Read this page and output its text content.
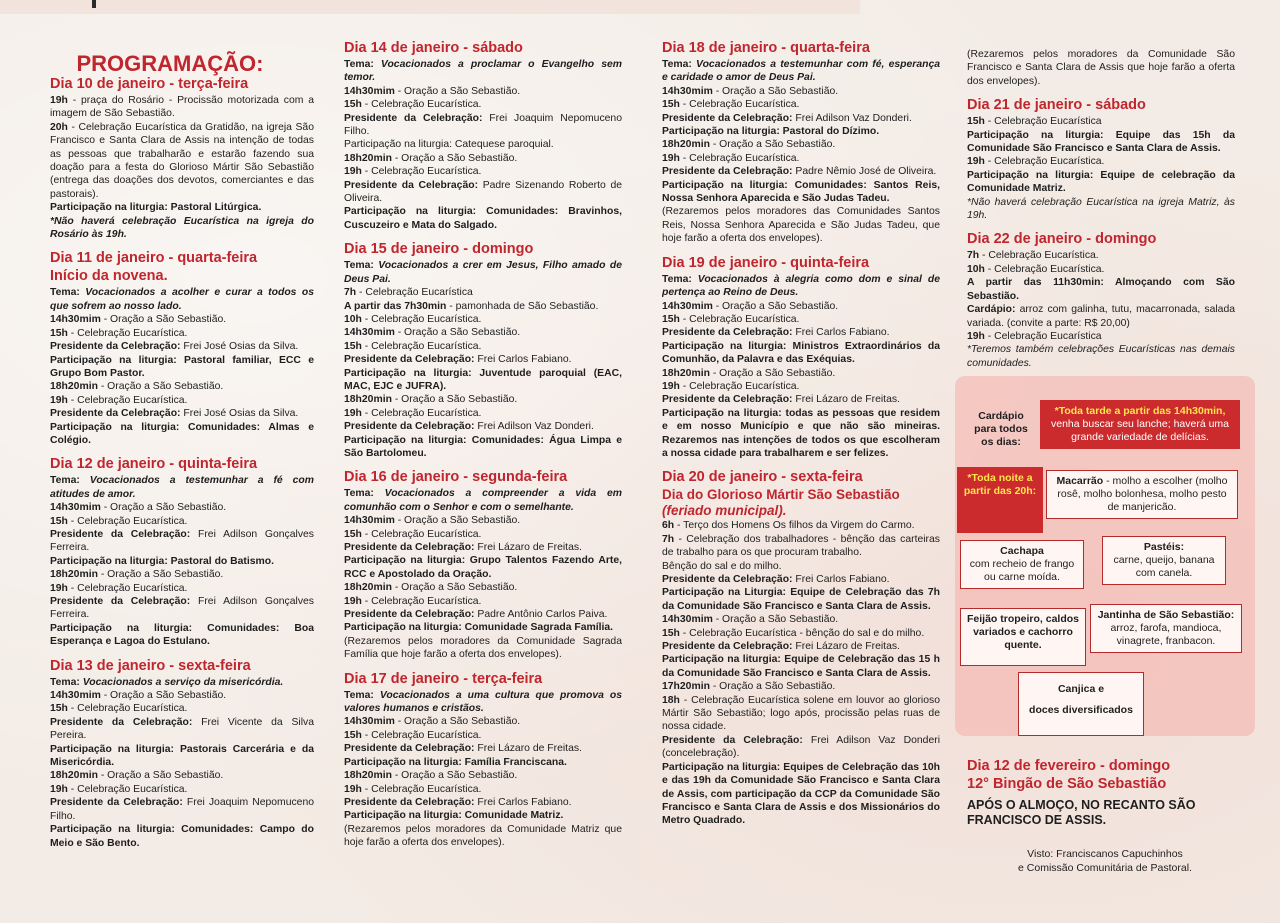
PROGRAMAÇÃO:
Dia 10 de janeiro - terça-feira

19h - praça do Rosário - Procissão motorizada com a imagem de São Sebastião.

20h - Celebração Eucarística da Gratidão, na igreja São Francisco e Santa Clara de Assis na intenção de todas as pessoas que trabalharão e estarão fazendo sua doação para a festa do Glorioso Mártir São Sebastião (entrega das doações dos devotos, comerciantes e das pastorais).

Participação na liturgia: Pastoral Litúrgica.

*Não haverá celebração Eucarística na igreja do Rosário às 19h.

Dia 11 de janeiro - quarta-feira
Início da novena.

Tema: Vocacionados a acolher e curar a todos os que sofrem ao nosso lado.

14h30mim - Oração a São Sebastião.

15h - Celebração Eucarística.

Presidente da Celebração: Frei José Osias da Silva.

Participação na liturgia: Pastoral familiar, ECC e Grupo Bom Pastor.

18h20min - Oração a São Sebastião.

19h - Celebração Eucarística.

Presidente da Celebração: Frei José Osias da Silva.

Participação na liturgia: Comunidades: Almas e Colégio.

Dia 12 de janeiro - quinta-feira

Tema: Vocacionados a testemunhar a fé com atitudes de amor.

14h30mim - Oração a São Sebastião.

15h - Celebração Eucarística.

Presidente da Celebração: Frei Adilson Gonçalves Ferreira.

Participação na liturgia: Pastoral do Batismo.

18h20min - Oração a São Sebastião.

19h - Celebração Eucarística.

Presidente da Celebração: Frei Adilson Gonçalves Ferreira.

Participação na liturgia: Comunidades: Boa Esperança e Lagoa do Estulano.

Dia 13 de janeiro - sexta-feira

Tema: Vocacionados a serviço da misericórdia.

14h30mim - Oração a São Sebastião.

15h - Celebração Eucarística.

Presidente da Celebração: Frei Vicente da Silva Pereira.

Participação na liturgia: Pastorais Carcerária e da Misericórdia.

18h20min - Oração a São Sebastião.

19h - Celebração Eucarística.

Presidente da Celebração: Frei Joaquim Nepomuceno Filho.

Participação na liturgia: Comunidades: Campo do Meio e São Bento.

Dia 14 de janeiro - sábado

Tema: Vocacionados a proclamar o Evangelho sem temor.

14h30mim - Oração a São Sebastião.

15h - Celebração Eucarística.

Presidente da Celebração: Frei Joaquim Nepomuceno Filho.

Participação na liturgia: Catequese paroquial.

18h20min - Oração a São Sebastião.

19h - Celebração Eucarística.

Presidente da Celebração: Padre Sizenando Roberto de Oliveira.

Participação na liturgia: Comunidades: Bravinhos, Cuscuzeiro e Mata do Salgado.

Dia 15 de janeiro - domingo

Tema: Vocacionados a crer em Jesus, Filho amado de Deus Pai.

7h - Celebração Eucarística

A partir das 7h30min - pamonhada de São Sebastião.

10h - Celebração Eucarística.

14h30mim - Oração a São Sebastião.

15h - Celebração Eucarística.

Presidente da Celebração: Frei Carlos Fabiano.

Participação na liturgia: Juventude paroquial (EAC, MAC, EJC e JUFRA).

18h20min - Oração a São Sebastião.

19h - Celebração Eucarística.

Presidente da Celebração: Frei Adilson Vaz Donderi.

Participação na liturgia: Comunidades: Água Limpa e São Bartolomeu.

Dia 16 de janeiro - segunda-feira

Tema: Vocacionados a compreender a vida em comunhão com o Senhor e com o semelhante.

14h30mim - Oração a São Sebastião.

15h - Celebração Eucarística.

Presidente da Celebração: Frei Lázaro de Freitas.

Participação na liturgia: Grupo Talentos Fazendo Arte, RCC e Apostolado da Oração.

18h20min - Oração a São Sebastião.

19h - Celebração Eucarística.

Presidente da Celebração: Padre Antônio Carlos Paiva.

Participação na liturgia: Comunidade Sagrada Família.

(Rezaremos pelos moradores da Comunidade Sagrada Família que hoje farão a oferta dos envelopes).

Dia 17 de janeiro - terça-feira

Tema: Vocacionados a uma cultura que promova os valores humanos e cristãos.

14h30mim - Oração a São Sebastião.

15h - Celebração Eucarística.

Presidente da Celebração: Frei Lázaro de Freitas.

Participação na liturgia: Família Franciscana.

18h20min - Oração a São Sebastião.

19h - Celebração Eucarística.

Presidente da Celebração: Frei Carlos Fabiano.

Participação na liturgia: Comunidade Matriz.

(Rezaremos pelos moradores da Comunidade Matriz que hoje farão a oferta dos envelopes).

Dia 18 de janeiro - quarta-feira

Tema: Vocacionados a testemunhar com fé, esperança e caridade o amor de Deus Pai.

14h30mim - Oração a São Sebastião.

15h - Celebração Eucarística.

Presidente da Celebração: Frei Adilson Vaz Donderi.

Participação na liturgia: Pastoral do Dízimo.

18h20min - Oração a São Sebastião.

19h - Celebração Eucarística.

Presidente da Celebração: Padre Nêmio José de Oliveira.

Participação na liturgia: Comunidades: Santos Reis, Nossa Senhora Aparecida e São Judas Tadeu.

(Rezaremos pelos moradores das Comunidades Santos Reis, Nossa Senhora Aparecida e São Judas Tadeu, que hoje farão a oferta dos envelopes).

Dia 19 de janeiro - quinta-feira

Tema: Vocacionados à alegria como dom e sinal de pertença ao Reino de Deus.

14h30mim - Oração a São Sebastião.

15h - Celebração Eucarística.

Presidente da Celebração: Frei Carlos Fabiano.

Participação na liturgia: Ministros Extraordinários da Comunhão, da Palavra e das Exéquias.

18h20min - Oração a São Sebastião.

19h - Celebração Eucarística.

Presidente da Celebração: Frei Lázaro de Freitas.

Participação na liturgia: todas as pessoas que residem e em nosso Município e que não são mineiras. Rezaremos nas intenções de todos os que escolheram a nossa cidade para trabalharem e ser felizes.

Dia 20 de janeiro - sexta-feira
Dia do Glorioso Mártir São Sebastião
(feriado municipal).

6h - Terço dos Homens Os filhos da Virgem do Carmo.

7h - Celebração dos trabalhadores - bênção das carteiras de trabalho para os que procuram trabalho.

Bênção do sal e do milho.

Presidente da Celebração: Frei Carlos Fabiano.

Participação na Liturgia: Equipe de Celebração das 7h da Comunidade São Francisco e Santa Clara de Assis.

14h30mim - Oração a São Sebastião.

15h - Celebração Eucarística - bênção do sal e do milho.

Presidente da Celebração: Frei Lázaro de Freitas.

Participação na liturgia: Equipe de Celebração das 15 h da Comunidade São Francisco e Santa Clara de Assis.

17h20min - Oração a São Sebastião.

18h - Celebração Eucarística solene em louvor ao glorioso Mártir São Sebastião; logo após, procissão pelas ruas de nossa cidade.

Presidente da Celebração: Frei Adilson Vaz Donderi (concelebração).

Participação na liturgia: Equipes de Celebração das 10h e das 19h da Comunidade São Francisco e Santa Clara de Assis, com participação da CCP da Comunidade São Francisco e Santa Clara de Assis e dos Missionários do Metro Quadrado.

(Rezaremos pelos moradores da Comunidade São Francisco e Santa Clara de Assis que hoje farão a oferta dos envelopes).

Dia 21 de janeiro - sábado

15h - Celebração Eucarística

Participação na liturgia: Equipe das 15h da Comunidade São Francisco e Santa Clara de Assis.

19h - Celebração Eucarística.

Participação na liturgia: Equipe de celebração da Comunidade Matriz.

*Não haverá celebração Eucarística na igreja Matriz, às 19h.

Dia 22 de janeiro - domingo

7h - Celebração Eucarística.

10h - Celebração Eucarística.

A partir das 11h30min: Almoçando com São Sebastião.

Cardápio: arroz com galinha, tutu, macarronada, salada variada. (convite a parte: R$ 20,00)

19h - Celebração Eucarística

*Teremos também celebrações Eucarísticas nas demais comunidades.

Cardápio para todos os dias:
*Toda tarde a partir das 14h30min,
venha buscar seu lanche; haverá uma grande variedade de delícias.
*Toda noite a partir das 20h:
Macarrão - molho a escolher (molho rosê, molho bolonhesa, molho pesto de manjericão.
Cachapa
com recheio de frango ou carne moída.
Pastéis:
carne, queijo, banana com canela.
Feijão tropeiro, caldos variados e cachorro quente.
Jantinha de São Sebastião:
arroz, farofa, mandioca, vinagrete, franbacon.
Canjica e
doces diversificados
Dia 12 de fevereiro - domingo
12° Bingão de São Sebastião
APÓS O ALMOÇO, NO RECANTO SÃO FRANCISCO DE ASSIS.
Visto: Franciscanos Capuchinhos
e Comissão Comunitária de Pastoral.
